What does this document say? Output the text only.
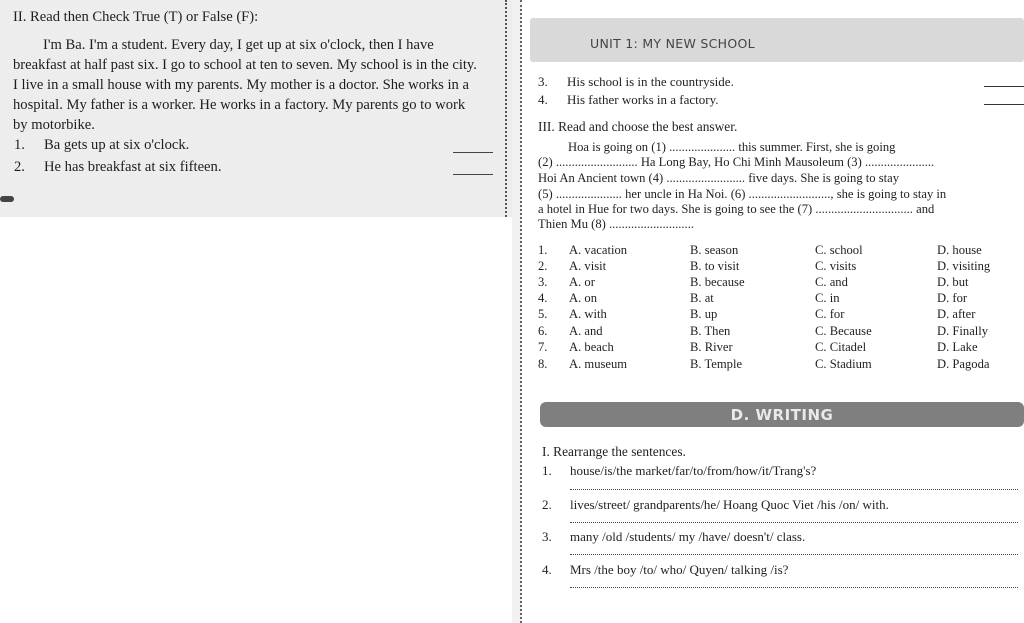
II. Read then Check True (T) or False (F):
I'm Ba. I'm a student. Every day, I get up at six o'clock, then I have
breakfast at half past six. I go to school at ten to seven. My school is in the city.
I live in a small house with my parents. My mother is a doctor. She works in a
hospital. My father is a worker. He works in a factory. My parents go to work
by motorbike.
1. Ba gets up at six o'clock.
2. He has breakfast at six fifteen.
UNIT 1: MY NEW SCHOOL
3. His school is in the countryside.
4. His father works in a factory.
III. Read and choose the best answer.
Hoa is going on (1) ..................... this summer. First, she is going
(2) .......................... Ha Long Bay, Ho Chi Minh Mausoleum (3) ......................
Hoi An Ancient town (4) ......................... five days. She is going to stay
(5) ..................... her uncle in Ha Noi. (6) .........................., she is going to stay in
a hotel in Hue for two days. She is going to see the (7) ............................... and
Thien Mu (8) ...........................
1. A. vacation	B. season	C. school	D. house
2. A. visit	B. to visit	C. visits	D. visiting
3. A. or	B. because	C. and	D. but
4. A. on	B. at	C. in	D. for
5. A. with	B. up	C. for	D. after
6. A. and	B. Then	C. Because	D. Finally
7. A. beach	B. River	C. Citadel	D. Lake
8. A. museum	B. Temple	C. Stadium	D. Pagoda
D. WRITING
I. Rearrange the sentences.
1. house/is/the market/far/to/from/how/it/Trang's?
2. lives/street/ grandparents/he/ Hoang Quoc Viet /his /on/ with.
3. many /old /students/ my /have/ doesn't/ class.
4. Mrs /the boy /to/ who/ Quyen/ talking /is?
